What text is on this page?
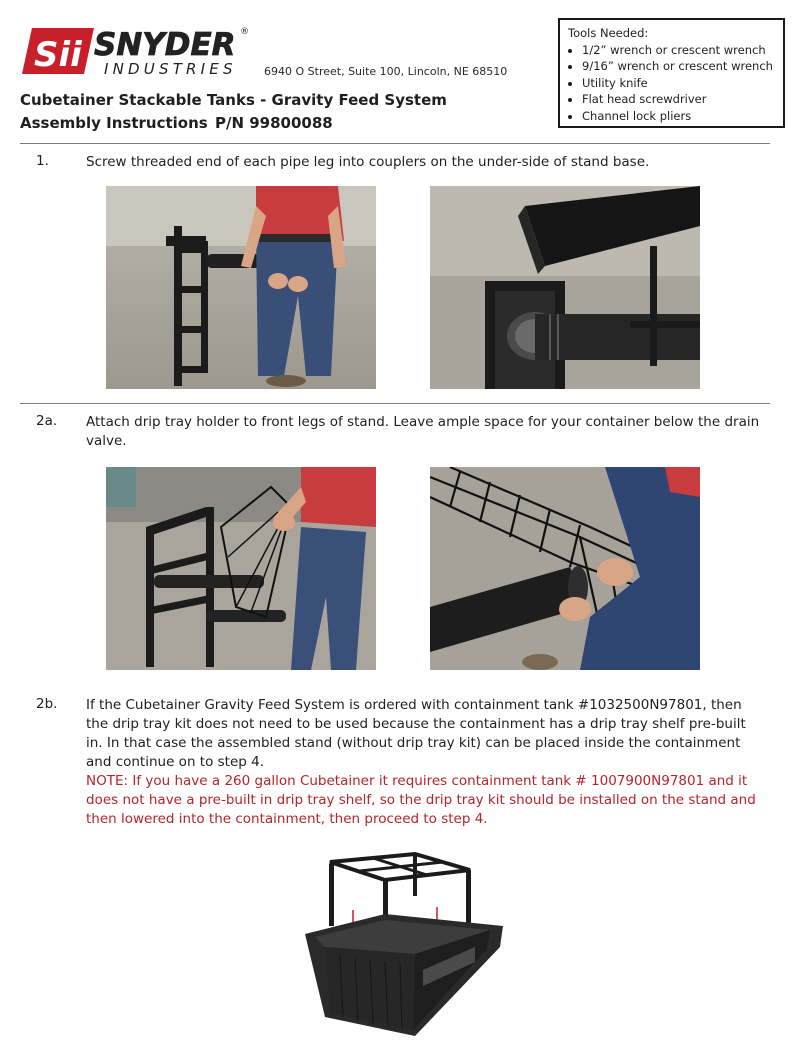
Sii SNYDER ®
INDUSTRIES 6940 O Street, Suite 100, Lincoln, NE 68510
Cubetainer Stackable Tanks - Gravity Feed System
Assembly Instructions P/N 99800088
Tools Needed:
• 1/2” wrench or crescent wrench
• 9/16” wrench or crescent wrench
• Utility knife
• Flat head screwdriver
• Channel lock pliers
1.	Screw threaded end of each pipe leg into couplers on the under-side of stand base.
2a. Attach drip tray holder to front legs of stand. Leave ample space for your container below the drain valve.
2b. If the Cubetainer Gravity Feed System is ordered with containment tank #1032500N97801, then the drip tray kit does not need to be used because the containment has a drip tray shelf pre-built in. In that case the assembled stand (without drip tray kit) can be placed inside the containment and continue on to step 4.
NOTE: If you have a 260 gallon Cubetainer it requires containment tank # 1007900N97801 and it does not have a pre-built in drip tray shelf, so the drip tray kit should be installed on the stand and then lowered into the containment, then proceed to step 4.
